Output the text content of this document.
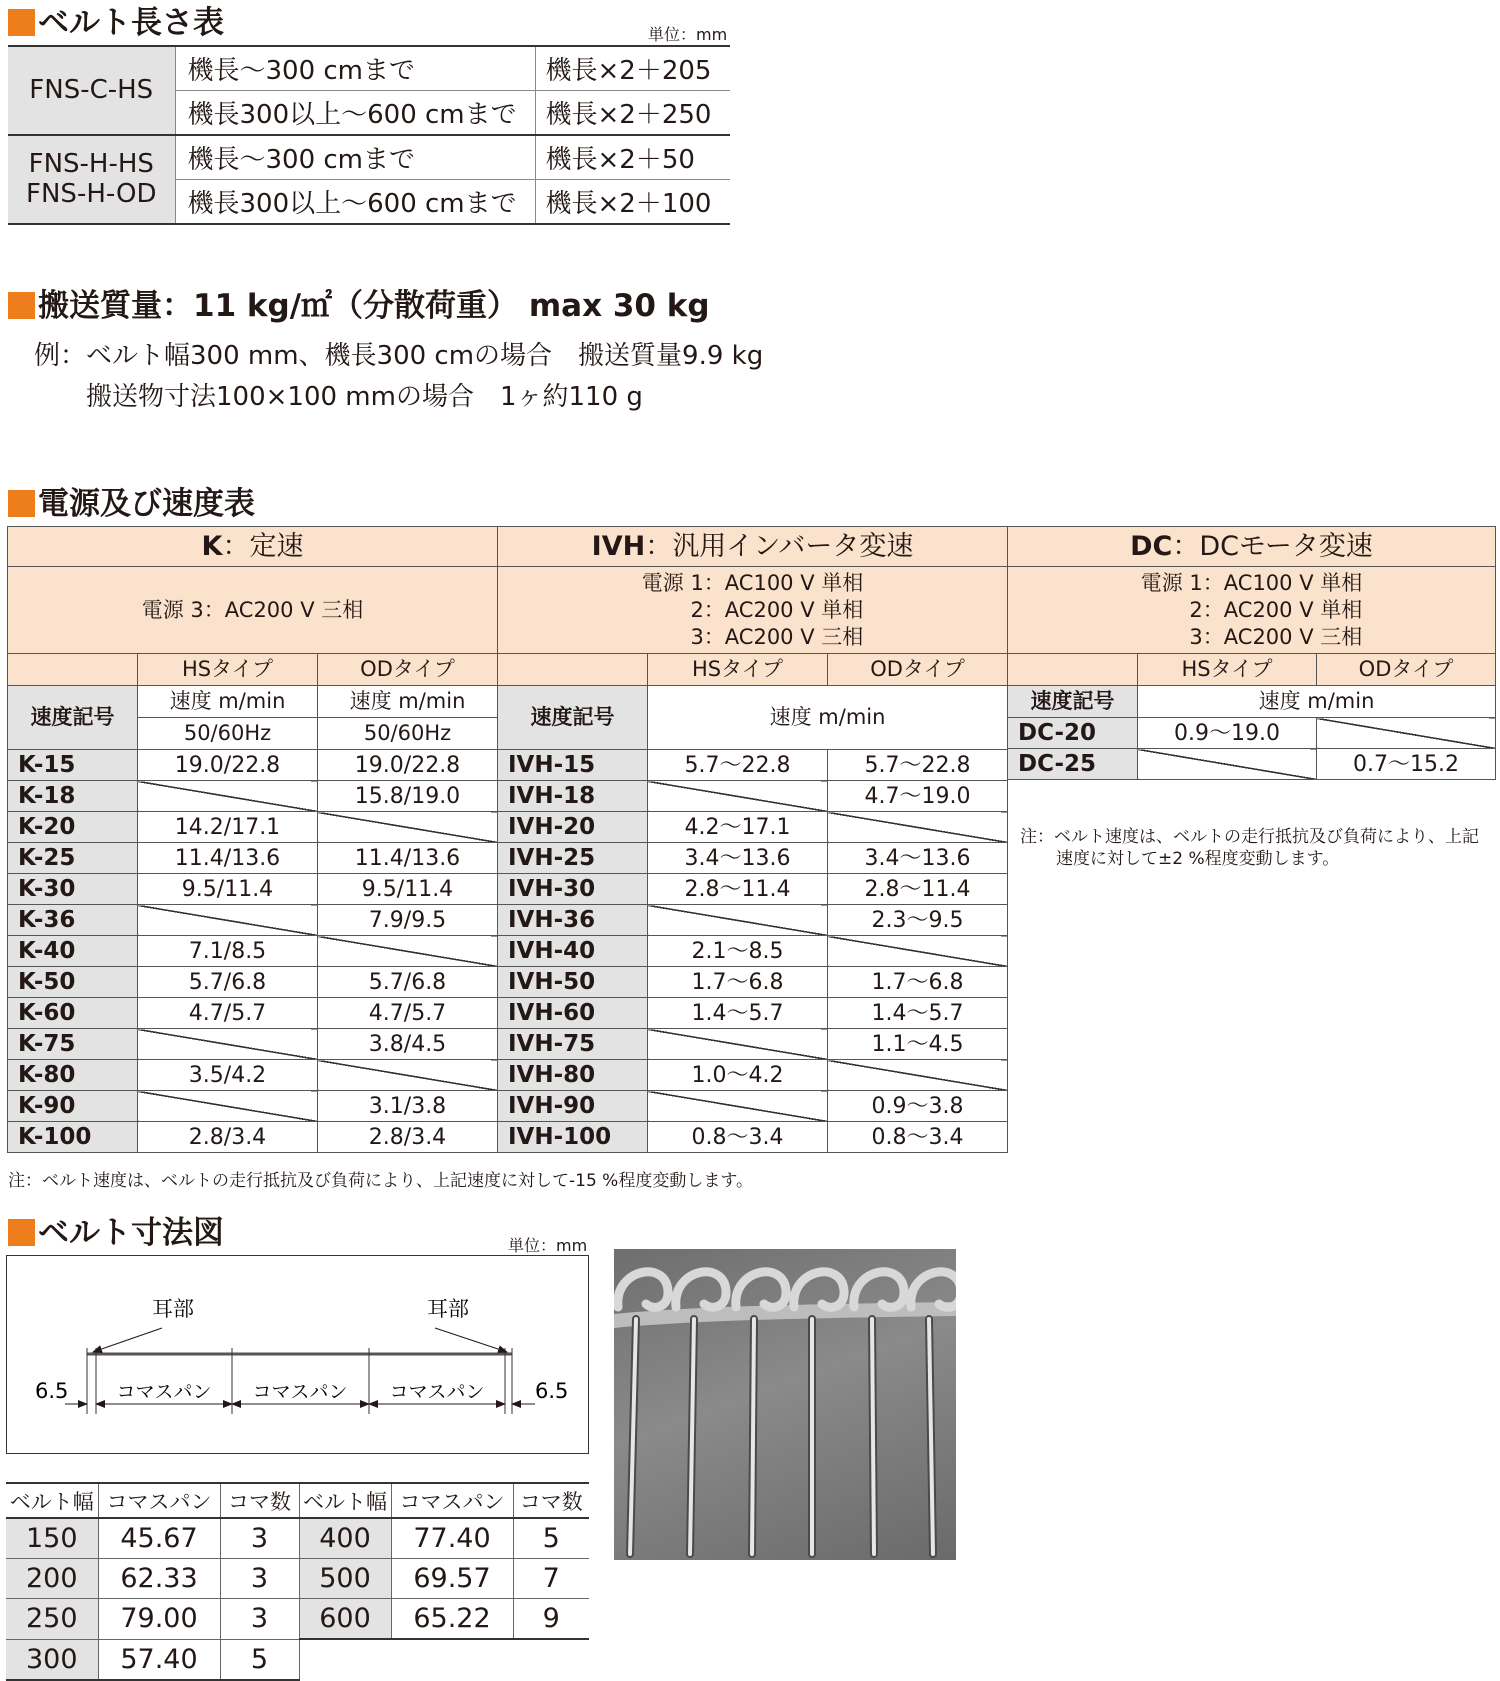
ベルト長さ表	単位：mm
FNS-C-HS	機長～300 cmまで	機長×2＋205
	機長300以上～600 cmまで	機長×2＋250
FNS-H-HS
FNS-H-OD	機長～300 cmまで	機長×2＋50
	機長300以上～600 cmまで	機長×2＋100
搬送質量：11 kg/㎡（分散荷重） max 30 kg
例：ベルト幅300 mm、機長300 cmの場合　搬送質量9.9 kg
搬送物寸法100×100 mmの場合　1ヶ約110 g
電源及び速度表
K：定速			IVH：汎用インバータ変速		
電源 3：AC200 V 三相			電源 1：AC100 V 単相
2：AC200 V 単相
3：AC200 V 三相		
	HSタイプ	ODタイプ		HSタイプ	ODタイプ
速度記号	速度 m/min	速度 m/min	速度記号	速度 m/min	
	50/60Hz	50/60Hz			
K-15	19.0/22.8	19.0/22.8	IVH-15	5.7～22.8	5.7～22.8
K-18		15.8/19.0	IVH-18		4.7～19.0
K-20	14.2/17.1		IVH-20	4.2～17.1	
K-25	11.4/13.6	11.4/13.6	IVH-25	3.4～13.6	3.4～13.6
K-30	9.5/11.4	9.5/11.4	IVH-30	2.8～11.4	2.8～11.4
K-36		7.9/9.5	IVH-36		2.3～9.5
K-40	7.1/8.5		IVH-40	2.1～8.5	
K-50	5.7/6.8	5.7/6.8	IVH-50	1.7～6.8	1.7～6.8
K-60	4.7/5.7	4.7/5.7	IVH-60	1.4～5.7	1.4～5.7
K-75		3.8/4.5	IVH-75		1.1～4.5
K-80	3.5/4.2		IVH-80	1.0～4.2	
K-90		3.1/3.8	IVH-90		0.9～3.8
K-100	2.8/3.4	2.8/3.4	IVH-100	0.8～3.4	0.8～3.4
DC：DCモータ変速		
電源 1：AC100 V 単相
2：AC200 V 単相
3：AC200 V 三相		
	HSタイプ	ODタイプ
速度記号	速度 m/min	

DC-20	0.9～19.0	
DC-25		0.7～15.2
注：ベルト速度は、ベルトの走行抵抗及び負荷により、上記
速度に対して±2 %程度変動します。
注：ベルト速度は、ベルトの走行抵抗及び負荷により、上記速度に対して-15 %程度変動します。
ベルト寸法図	単位：mm
耳部	耳部
6.5	6.5
コマスパン コマスパン コマスパン
ベルト幅	コマスパン	コマ数	ベルト幅	コマスパン	コマ数
150	45.67	3	400	77.40	5
200	62.33	3	500	69.57	7
250	79.00	3	600	65.22	9
300	57.40	5			
